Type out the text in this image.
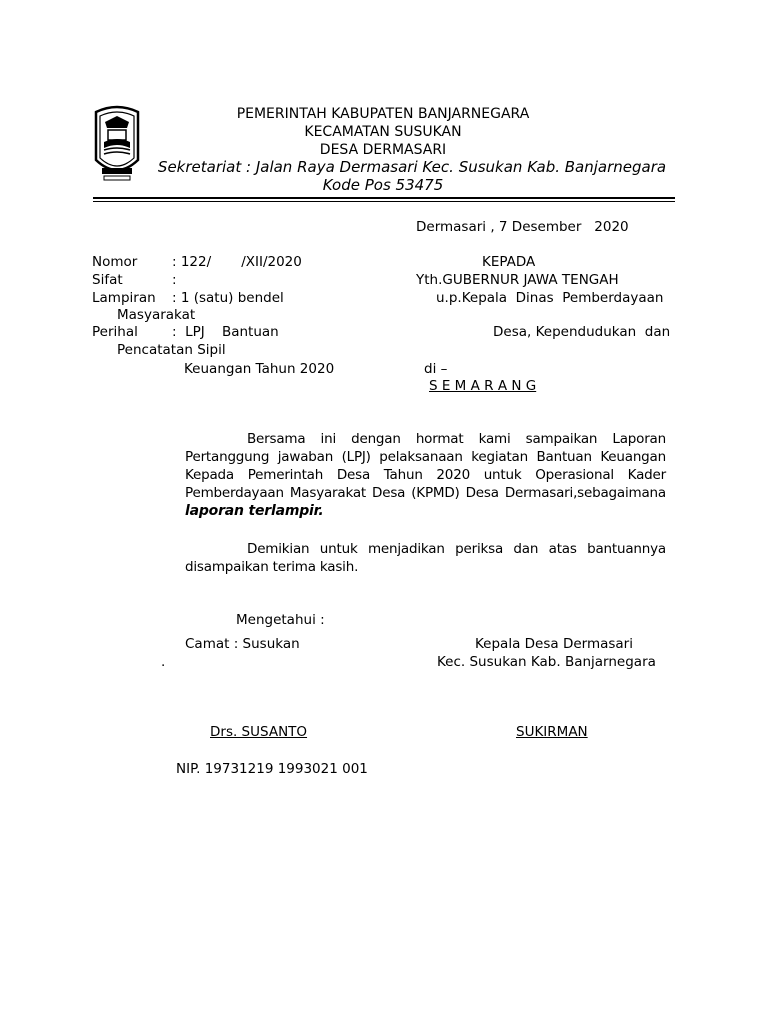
PEMERINTAH KABUPATEN BANJARNEGARA
KECAMATAN SUSUKAN
DESA DERMASARI
Sekretariat : Jalan Raya Dermasari Kec. Susukan Kab. Banjarnegara
Kode Pos 53475
Dermasari , 7 Desember   2020
Nomor	: 122/       /XII/2020
Sifat	:
Lampiran : 1 (satu) bendel
Masyarakat
Perihal	:  LPJ    Bantuan
Pencatatan Sipil
Keuangan Tahun 2020
KEPADA
Yth.GUBERNUR JAWA TENGAH
u.p.Kepala  Dinas  Pemberdayaan
Desa, Kependudukan  dan
di –
S E M A R A N G
Bersama ini dengan hormat kami sampaikan Laporan Pertanggung jawaban (LPJ) pelaksanaan kegiatan Bantuan Keuangan Kepada Pemerintah Desa Tahun 2020 untuk Operasional Kader Pemberdayaan Masyarakat Desa (KPMD) Desa Dermasari,sebagaimana laporan terlampir.
Demikian untuk menjadikan periksa dan atas bantuannya disampaikan terima kasih.
Mengetahui :
Camat : Susukan
.
Kepala Desa Dermasari
Kec. Susukan Kab. Banjarnegara
Drs. SUSANTO	SUKIRMAN
NIP. 19731219 1993021 001
